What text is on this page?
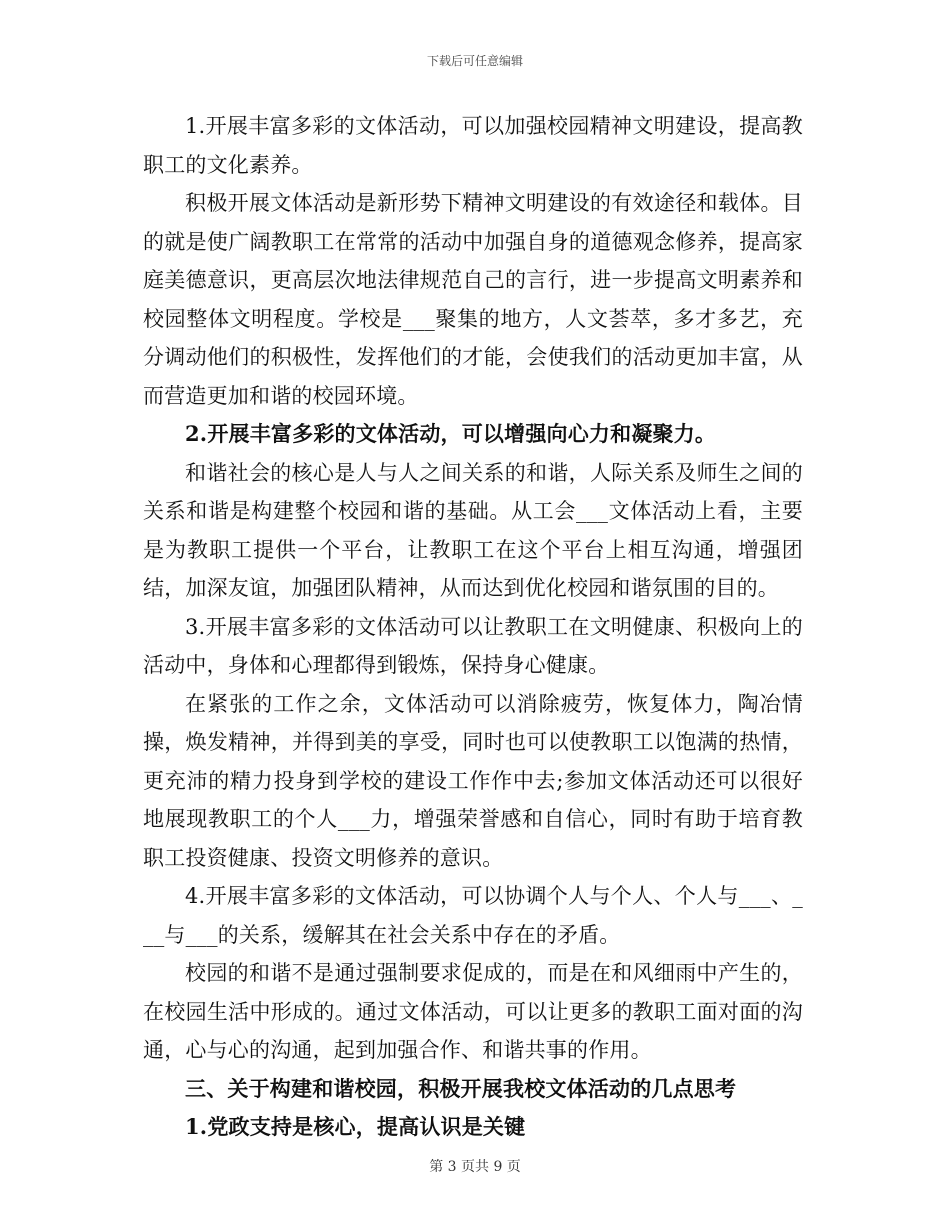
下载后可任意编辑

1.开展丰富多彩的文体活动，可以加强校园精神文明建设，提高教职工的文化素养。

积极开展文体活动是新形势下精神文明建设的有效途径和载体。目的就是使广阔教职工在常常的活动中加强自身的道德观念修养，提高家庭美德意识，更高层次地法律规范自己的言行，进一步提高文明素养和校园整体文明程度。学校是___聚集的地方，人文荟萃，多才多艺，充分调动他们的积极性，发挥他们的才能，会使我们的活动更加丰富，从而营造更加和谐的校园环境。

2.开展丰富多彩的文体活动，可以增强向心力和凝聚力。

和谐社会的核心是人与人之间关系的和谐，人际关系及师生之间的关系和谐是构建整个校园和谐的基础。从工会___文体活动上看，主要是为教职工提供一个平台，让教职工在这个平台上相互沟通，增强团结，加深友谊，加强团队精神，从而达到优化校园和谐氛围的目的。

3.开展丰富多彩的文体活动可以让教职工在文明健康、积极向上的活动中，身体和心理都得到锻炼，保持身心健康。

在紧张的工作之余，文体活动可以消除疲劳，恢复体力，陶冶情操，焕发精神，并得到美的享受，同时也可以使教职工以饱满的热情，更充沛的精力投身到学校的建设工作作中去;参加文体活动还可以很好地展现教职工的个人___力，增强荣誉感和自信心，同时有助于培育教职工投资健康、投资文明修养的意识。

4.开展丰富多彩的文体活动，可以协调个人与个人、个人与___、___与___的关系，缓解其在社会关系中存在的矛盾。

校园的和谐不是通过强制要求促成的，而是在和风细雨中产生的，在校园生活中形成的。通过文体活动，可以让更多的教职工面对面的沟通，心与心的沟通，起到加强合作、和谐共事的作用。

三、关于构建和谐校园，积极开展我校文体活动的几点思考

1.党政支持是核心，提高认识是关键

第 3 页共 9 页
